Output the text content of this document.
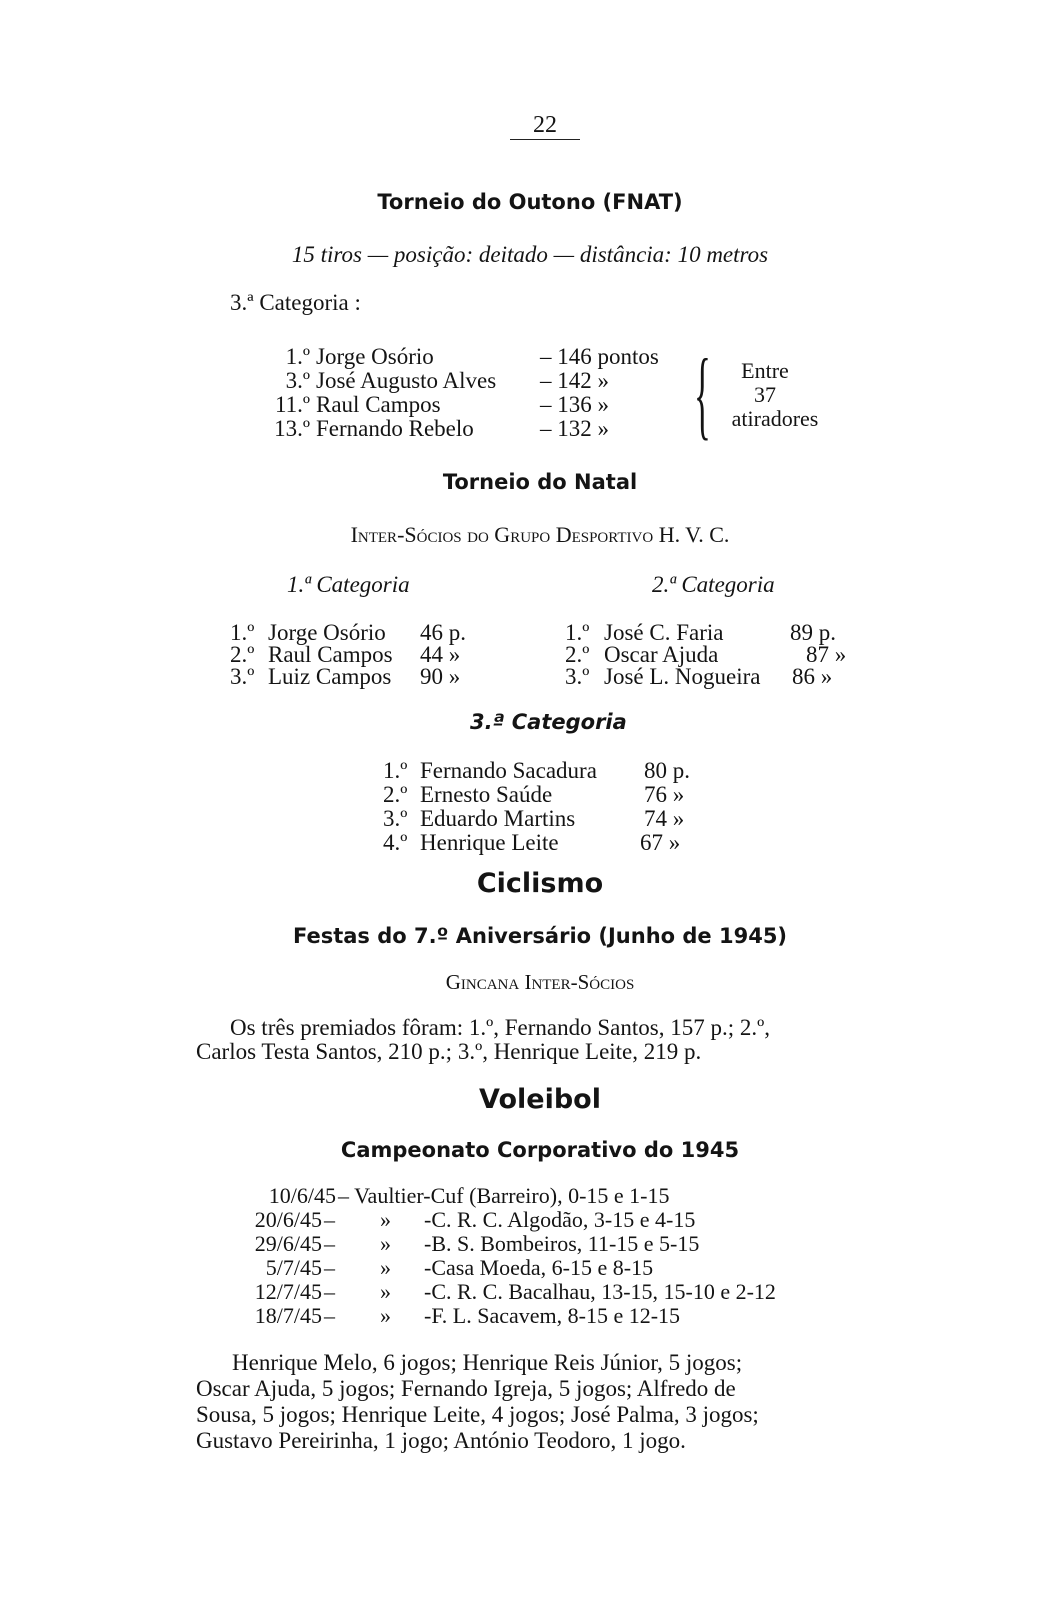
22
Torneio do Outono (FNAT)
15 tiros — posição: deitado — distância: 10 metros
3.ª Categoria :
1.º Jorge Osório	– 146 pontos
3.º José Augusto Alves – 142 »
11.º Raul Campos	– 136 »
13.º Fernando Rebelo	– 132 » {	Entre
37
atiradores
Torneio do Natal
Inter-Sócios do Grupo Desportivo H. V. C.
1.ª Categoria	2.ª Categoria
1.º Jorge Osório 46 p.
2.º Raul Campos 44 »
3.º Luiz Campos 90 »
1.º José C. Faria	89 p.
2.º Oscar Ajuda	87 »
3.º José L. Nogueira 86 »
3.ª Categoria
1.º Fernando Sacadura 80 p.
2.º Ernesto Saúde	76 »
3.º Eduardo Martins	74 »
4.º Henrique Leite	67 »
Ciclismo
Festas do 7.º Aniversário (Junho de 1945)
Gincana Inter-Sócios
Os três premiados fôram: 1.º, Fernando Santos, 157 p.; 2.º,
Carlos Testa Santos, 210 p.; 3.º, Henrique Leite, 219 p.
Voleibol
Campeonato Corporativo do 1945
10/6/45 – Vaultier-Cuf (Barreiro), 0-15 e 1-15
20/6/45 – » -C. R. C. Algodão, 3-15 e 4-15
29/6/45 – » -B. S. Bombeiros, 11-15 e 5-15
5/7/45 – » -Casa Moeda, 6-15 e 8-15
12/7/45 – » -C. R. C. Bacalhau, 13-15, 15-10 e 2-12
18/7/45 – » -F. L. Sacavem, 8-15 e 12-15
Henrique Melo, 6 jogos; Henrique Reis Júnior, 5 jogos;
Oscar Ajuda, 5 jogos; Fernando Igreja, 5 jogos; Alfredo de
Sousa, 5 jogos; Henrique Leite, 4 jogos; José Palma, 3 jogos;
Gustavo Pereirinha, 1 jogo; António Teodoro, 1 jogo.
